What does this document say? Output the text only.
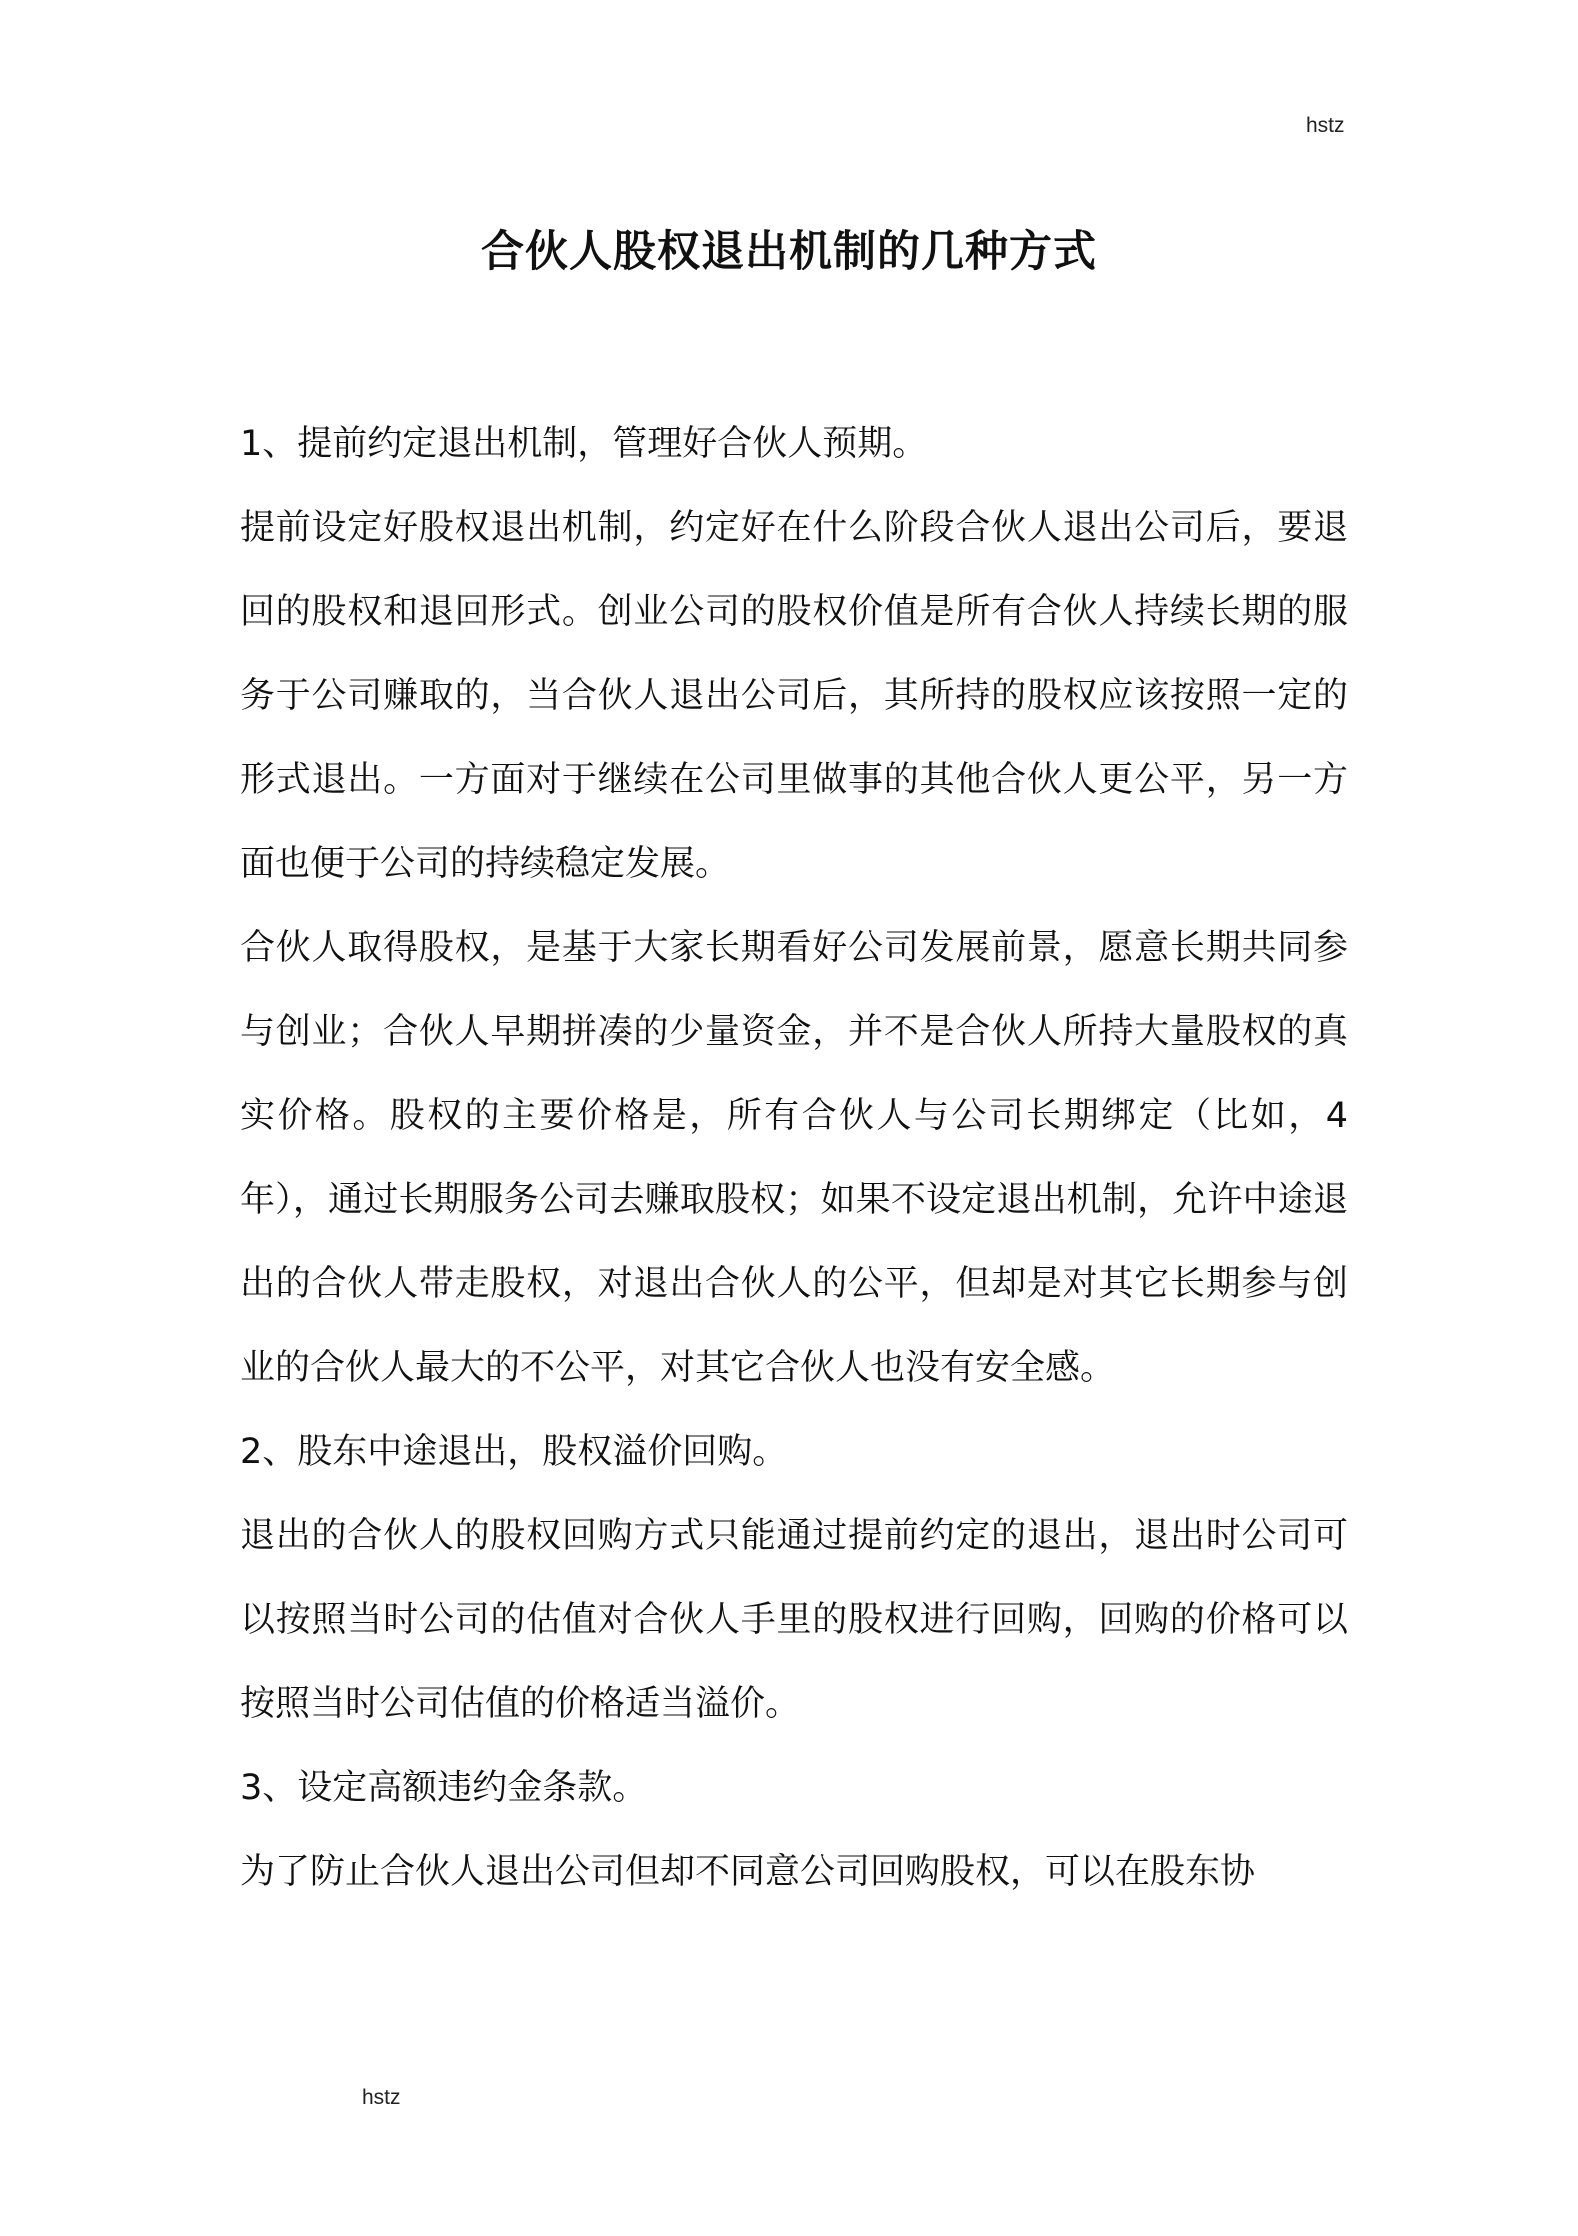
hstz
合伙人股权退出机制的几种方式

1、提前约定退出机制，管理好合伙人预期。

提前设定好股权退出机制，约定好在什么阶段合伙人退出公司后，要退回的股权和退回形式。创业公司的股权价值是所有合伙人持续长期的服务于公司赚取的，当合伙人退出公司后，其所持的股权应该按照一定的形式退出。一方面对于继续在公司里做事的其他合伙人更公平，另一方面也便于公司的持续稳定发展。

合伙人取得股权，是基于大家长期看好公司发展前景，愿意长期共同参与创业；合伙人早期拼凑的少量资金，并不是合伙人所持大量股权的真实价格。股权的主要价格是，所有合伙人与公司长期绑定（比如，4 年），通过长期服务公司去赚取股权；如果不设定退出机制，允许中途退出的合伙人带走股权，对退出合伙人的公平，但却是对其它长期参与创业的合伙人最大的不公平，对其它合伙人也没有安全感。

2、股东中途退出，股权溢价回购。

退出的合伙人的股权回购方式只能通过提前约定的退出，退出时公司可以按照当时公司的估值对合伙人手里的股权进行回购，回购的价格可以按照当时公司估值的价格适当溢价。

3、设定高额违约金条款。

为了防止合伙人退出公司但却不同意公司回购股权，可以在股东协

hstz
